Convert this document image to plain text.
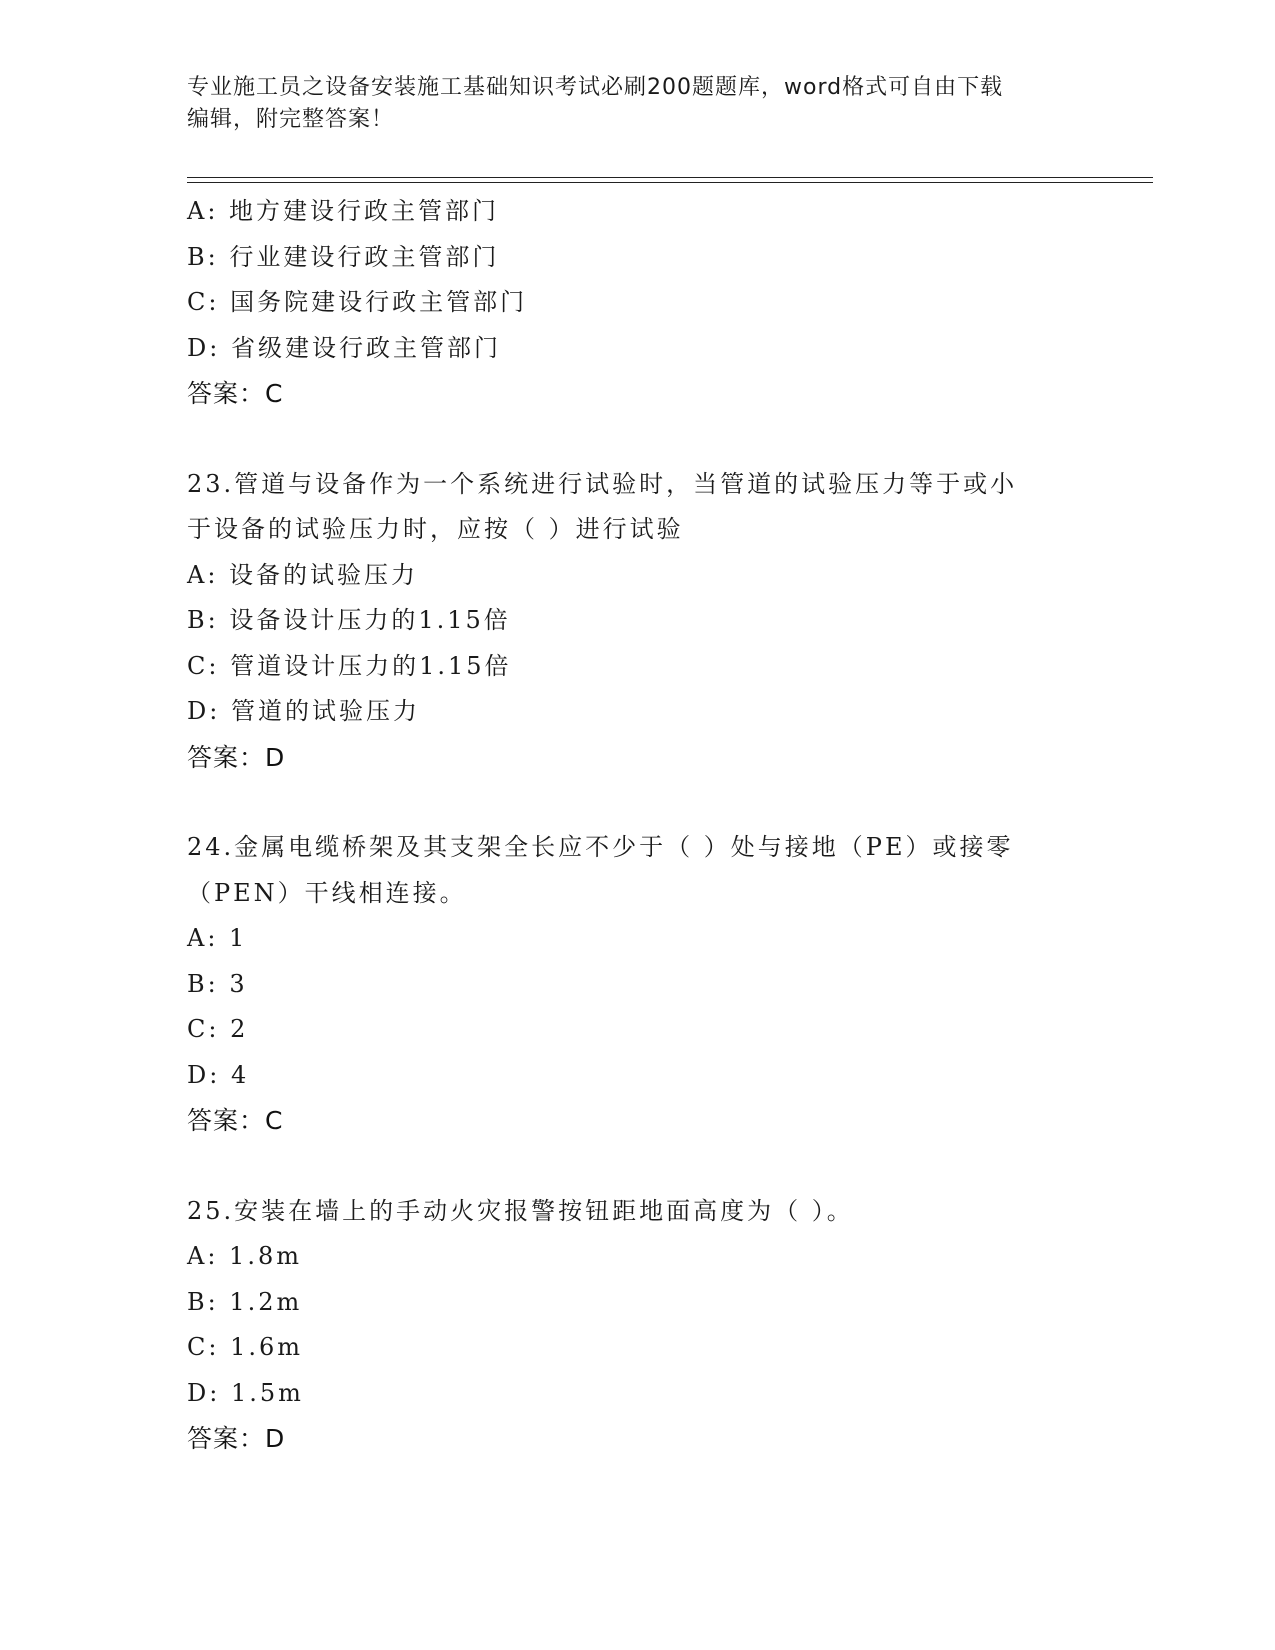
专业施工员之设备安装施工基础知识考试必刷200题题库，word格式可自由下载
编辑，附完整答案！
A: 地方建设行政主管部门
B: 行业建设行政主管部门
C: 国务院建设行政主管部门
D: 省级建设行政主管部门
答案：C
23.管道与设备作为一个系统进行试验时，当管道的试验压力等于或小
于设备的试验压力时，应按（ ）进行试验
A: 设备的试验压力
B: 设备设计压力的1.15倍
C: 管道设计压力的1.15倍
D: 管道的试验压力
答案：D
24.金属电缆桥架及其支架全长应不少于（ ）处与接地（PE）或接零
（PEN）干线相连接。
A: 1
B: 3
C: 2
D: 4
答案：C
25.安装在墙上的手动火灾报警按钮距地面高度为（ ）。
A: 1.8m
B: 1.2m
C: 1.6m
D: 1.5m
答案：D
